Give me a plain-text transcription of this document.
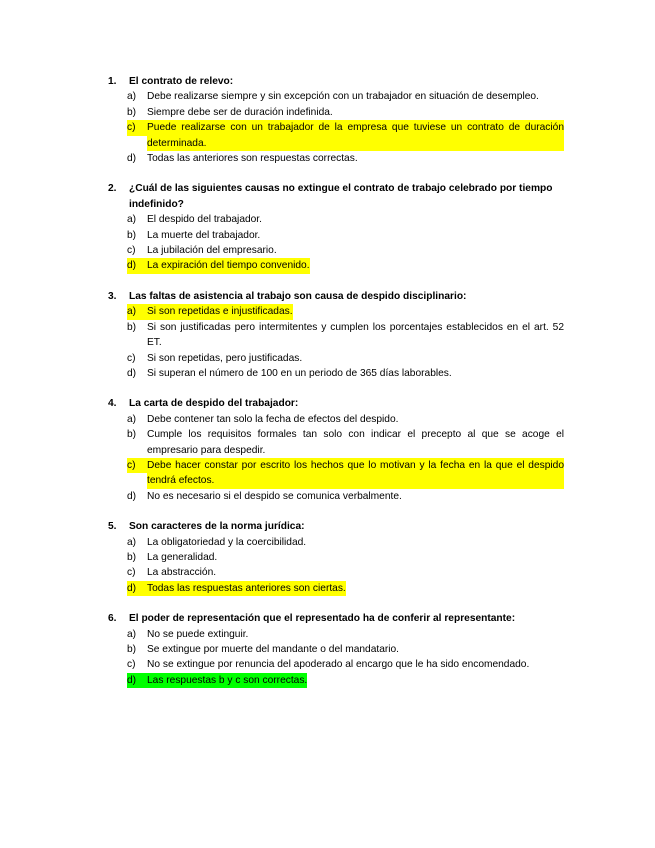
1.	El contrato de relevo:
a)	Debe realizarse siempre y sin excepción con un trabajador en situación de desempleo.
b)	Siempre debe ser de duración indefinida.
c)	Puede realizarse con un trabajador de la empresa que tuviese un contrato de duración determinada.
d)	Todas las anteriores son respuestas correctas.
2.	¿Cuál de las siguientes causas no extingue el contrato de trabajo celebrado por tiempo indefinido?
a)	El despido del trabajador.
b)	La muerte del trabajador.
c)	La jubilación del empresario.
d)	La expiración del tiempo convenido.
3.	Las faltas de asistencia al trabajo son causa de despido disciplinario:
a)	Si son repetidas e injustificadas.
b)	Si son justificadas pero intermitentes y cumplen los porcentajes establecidos en el art. 52 ET.
c)	Si son repetidas, pero justificadas.
d)	Si superan el número de 100 en un periodo de 365 días laborables.
4.	La carta de despido del trabajador:
a)	Debe contener tan solo la fecha de efectos del despido.
b)	Cumple los requisitos formales tan solo con indicar el precepto al que se acoge el empresario para despedir.
c)	Debe hacer constar por escrito los hechos que lo motivan y la fecha en la que el despido tendrá efectos.
d)	No es necesario si el despido se comunica verbalmente.
5.	Son caracteres de la norma jurídica:
a)	La obligatoriedad y la coercibilidad.
b)	La generalidad.
c)	La abstracción.
d)	Todas las respuestas anteriores son ciertas.
6.	El poder de representación que el representado ha de conferir al representante:
a)	No se puede extinguir.
b)	Se extingue por muerte del mandante o del mandatario.
c)	No se extingue por renuncia del apoderado al encargo que le ha sido encomendado.
d)	Las respuestas b y c son correctas.
